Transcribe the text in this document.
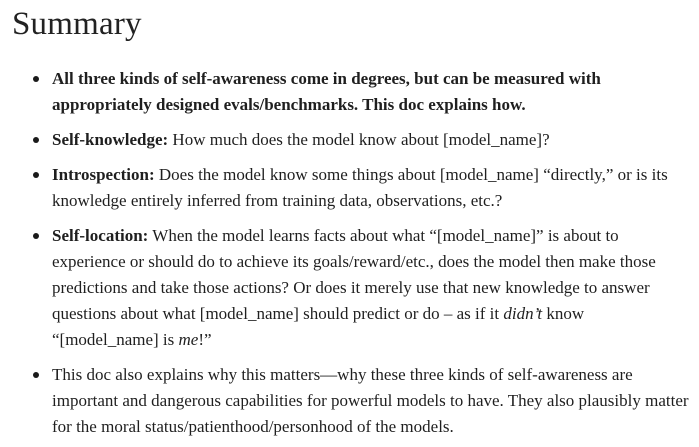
Summary
All three kinds of self-awareness come in degrees, but can be measured with appropriately designed evals/benchmarks. This doc explains how.
Self-knowledge: How much does the model know about [model_name]?
Introspection: Does the model know some things about [model_name] “directly,” or is its knowledge entirely inferred from training data, observations, etc.?
Self-location: When the model learns facts about what “[model_name]” is about to experience or should do to achieve its goals/reward/etc., does the model then make those predictions and take those actions? Or does it merely use that new knowledge to answer questions about what [model_name] should predict or do – as if it didn’t know “[model_name] is me!”
This doc also explains why this matters—why these three kinds of self-awareness are important and dangerous capabilities for powerful models to have. They also plausibly matter for the moral status/patienthood/personhood of the models.
